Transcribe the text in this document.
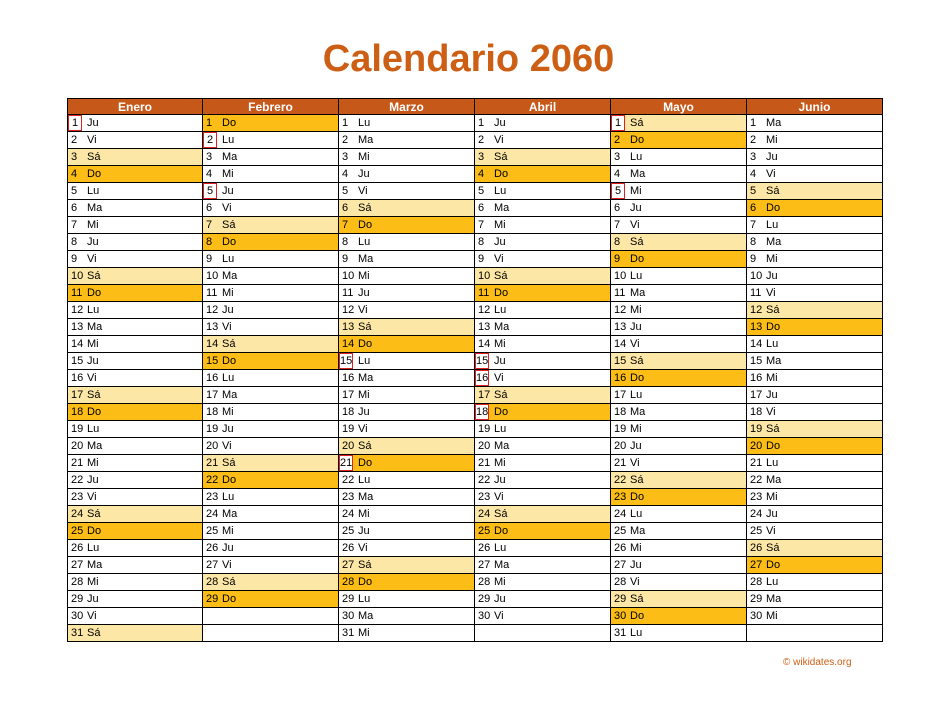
Calendario 2060
Enero
1 Ju
2 Vi
3 Sá
4 Do
5 Lu
6 Ma
7 Mi
8 Ju
9 Vi
10 Sá
11 Do
12 Lu
13 Ma
14 Mi
15 Ju
16 Vi
17 Sá
18 Do
19 Lu
20 Ma
21 Mi
22 Ju
23 Vi
24 Sá
25 Do
26 Lu
27 Ma
28 Mi
29 Ju
30 Vi
31 Sá
Febrero
1 Do
2 Lu
3 Ma
4 Mi
5 Ju
6 Vi
7 Sá
8 Do
9 Lu
10 Ma
11 Mi
12 Ju
13 Vi
14 Sá
15 Do
16 Lu
17 Ma
18 Mi
19 Ju
20 Vi
21 Sá
22 Do
23 Lu
24 Ma
25 Mi
26 Ju
27 Vi
28 Sá
29 Do
Marzo
1 Lu
2 Ma
3 Mi
4 Ju
5 Vi
6 Sá
7 Do
8 Lu
9 Ma
10 Mi
11 Ju
12 Vi
13 Sá
14 Do
15 Lu
16 Ma
17 Mi
18 Ju
19 Vi
20 Sá
21 Do
22 Lu
23 Ma
24 Mi
25 Ju
26 Vi
27 Sá
28 Do
29 Lu
30 Ma
31 Mi
Abril
1 Ju
2 Vi
3 Sá
4 Do
5 Lu
6 Ma
7 Mi
8 Ju
9 Vi
10 Sá
11 Do
12 Lu
13 Ma
14 Mi
15 Ju
16 Vi
17 Sá
18 Do
19 Lu
20 Ma
21 Mi
22 Ju
23 Vi
24 Sá
25 Do
26 Lu
27 Ma
28 Mi
29 Ju
30 Vi
Mayo
1 Sá
2 Do
3 Lu
4 Ma
5 Mi
6 Ju
7 Vi
8 Sá
9 Do
10 Lu
11 Ma
12 Mi
13 Ju
14 Vi
15 Sá
16 Do
17 Lu
18 Ma
19 Mi
20 Ju
21 Vi
22 Sá
23 Do
24 Lu
25 Ma
26 Mi
27 Ju
28 Vi
29 Sá
30 Do
31 Lu
Junio
1 Ma
2 Mi
3 Ju
4 Vi
5 Sá
6 Do
7 Lu
8 Ma
9 Mi
10 Ju
11 Vi
12 Sá
13 Do
14 Lu
15 Ma
16 Mi
17 Ju
18 Vi
19 Sá
20 Do
21 Lu
22 Ma
23 Mi
24 Ju
25 Vi
26 Sá
27 Do
28 Lu
29 Ma
30 Mi
© wikidates.org
